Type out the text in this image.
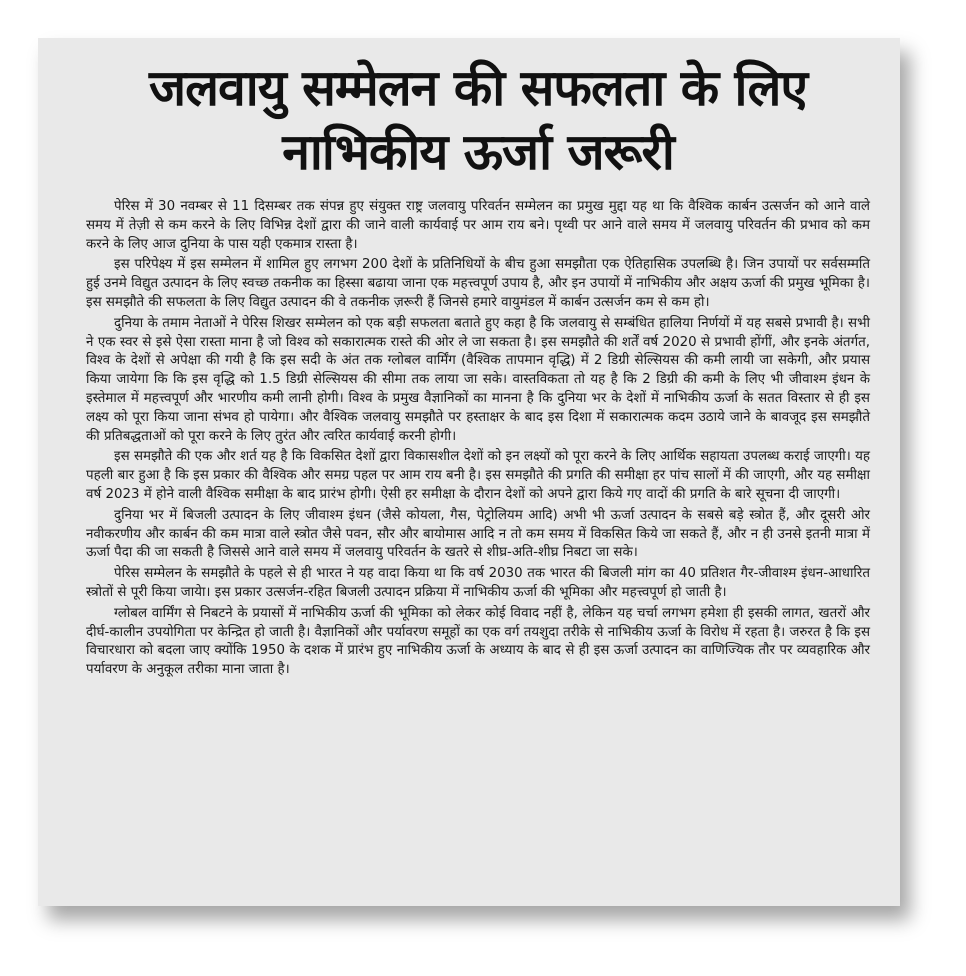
जलवायु सम्मेलन की सफलता के लिए
नाभिकीय ऊर्जा जरूरी

पेरिस में 30 नवम्बर से 11 दिसम्बर तक संपन्न हुए संयुक्त राष्ट्र जलवायु परिवर्तन सम्मेलन का प्रमुख मुद्दा यह था कि वैश्विक कार्बन उत्सर्जन को आने वाले समय में तेज़ी से कम करने के लिए विभिन्न देशों द्वारा की जाने वाली कार्यवाई पर आम राय बने। पृथ्वी पर आने वाले समय में जलवायु परिवर्तन की प्रभाव को कम करने के लिए आज दुनिया के पास यही एकमात्र रास्ता है।

इस परिपेक्ष्य में इस सम्मेलन में शामिल हुए लगभग 200 देशों के प्रतिनिधियों के बीच हुआ समझौता एक ऐतिहासिक उपलब्धि है। जिन उपायों पर सर्वसम्मति हुई उनमे विद्युत उत्पादन के लिए स्वच्छ तकनीक का हिस्सा बढाया जाना एक महत्त्वपूर्ण उपाय है, और इन उपायों में नाभिकीय और अक्षय ऊर्जा की प्रमुख भूमिका है। इस समझौते की सफलता के लिए विद्युत उत्पादन की वे तकनीक ज़रूरी हैं जिनसे हमारे वायुमंडल में कार्बन उत्सर्जन कम से कम हो।

दुनिया के तमाम नेताओं ने पेरिस शिखर सम्मेलन को एक बड़ी सफलता बताते हुए कहा है कि जलवायु से सम्बंधित हालिया निर्णयों में यह सबसे प्रभावी है। सभी ने एक स्वर से इसे ऐसा रास्ता माना है जो विश्व को सकारात्मक रास्ते की ओर ले जा सकता है। इस समझौते की शर्तें वर्ष 2020 से प्रभावी होंगीं, और इनके अंतर्गत, विश्व के देशों से अपेक्षा की गयी है कि इस सदी के अंत तक ग्लोबल वार्मिंग (वैश्विक तापमान वृद्धि) में 2 डिग्री सेल्सियस की कमी लायी जा सकेगी, और प्रयास किया जायेगा कि कि इस वृद्धि को 1.5 डिग्री सेल्सियस की सीमा तक लाया जा सके। वास्तविकता तो यह है कि 2 डिग्री की कमी के लिए भी जीवाश्म इंधन के इस्तेमाल में महत्त्वपूर्ण और भारणीय कमी लानी होगी। विश्व के प्रमुख वैज्ञानिकों का मानना है कि दुनिया भर के देशों में नाभिकीय ऊर्जा के सतत विस्तार से ही इस लक्ष्य को पूरा किया जाना संभव हो पायेगा। और वैश्विक जलवायु समझौते पर हस्ताक्षर के बाद इस दिशा में सकारात्मक कदम उठाये जाने के बावजूद इस समझौते की प्रतिबद्धताओं को पूरा करने के लिए तुरंत और त्वरित कार्यवाई करनी होगी।

इस समझौते की एक और शर्त यह है कि विकसित देशों द्वारा विकासशील देशों को इन लक्ष्यों को पूरा करने के लिए आर्थिक सहायता उपलब्ध कराई जाएगी। यह पहली बार हुआ है कि इस प्रकार की वैश्विक और समग्र पहल पर आम राय बनी है। इस समझौते की प्रगति की समीक्षा हर पांच सालों में की जाएगी, और यह समीक्षा वर्ष 2023 में होने वाली वैश्विक समीक्षा के बाद प्रारंभ होगी। ऐसी हर समीक्षा के दौरान देशों को अपने द्वारा किये गए वादों की प्रगति के बारे सूचना दी जाएगी।

दुनिया भर में बिजली उत्पादन के लिए जीवाश्म इंधन (जैसे कोयला, गैस, पेट्रोलियम आदि) अभी भी ऊर्जा उत्पादन के सबसे बड़े स्त्रोत हैं, और दूसरी ओर नवीकरणीय और कार्बन की कम मात्रा वाले स्त्रोत जैसे पवन, सौर और बायोमास आदि न तो कम समय में विकसित किये जा सकते हैं, और न ही उनसे इतनी मात्रा में ऊर्जा पैदा की जा सकती है जिससे आने वाले समय में जलवायु परिवर्तन के खतरे से शीघ्र-अति-शीघ्र निबटा जा सके।

पेरिस सम्मेलन के समझौते के पहले से ही भारत ने यह वादा किया था कि वर्ष 2030 तक भारत की बिजली मांग का 40 प्रतिशत गैर-जीवाश्म इंधन-आधारित स्त्रोतों से पूरी किया जायेा। इस प्रकार उत्सर्जन-रहित बिजली उत्पादन प्रक्रिया में नाभिकीय ऊर्जा की भूमिका और महत्त्वपूर्ण हो जाती है।

ग्लोबल वार्मिंग से निबटने के प्रयासों में नाभिकीय ऊर्जा की भूमिका को लेकर कोई विवाद नहीं है, लेकिन यह चर्चा लगभग हमेशा ही इसकी लागत, खतरों और दीर्घ-कालीन उपयोगिता पर केन्द्रित हो जाती है। वैज्ञानिकों और पर्यावरण समूहों का एक वर्ग तयशुदा तरीके से नाभिकीय ऊर्जा के विरोध में रहता है। जरुरत है कि इस विचारधारा को बदला जाए क्योंकि 1950 के दशक में प्रारंभ हुए नाभिकीय ऊर्जा के अध्याय के बाद से ही इस ऊर्जा उत्पादन का वाणिज्यिक तौर पर व्यवहारिक और पर्यावरण के अनुकूल तरीका माना जाता है।
